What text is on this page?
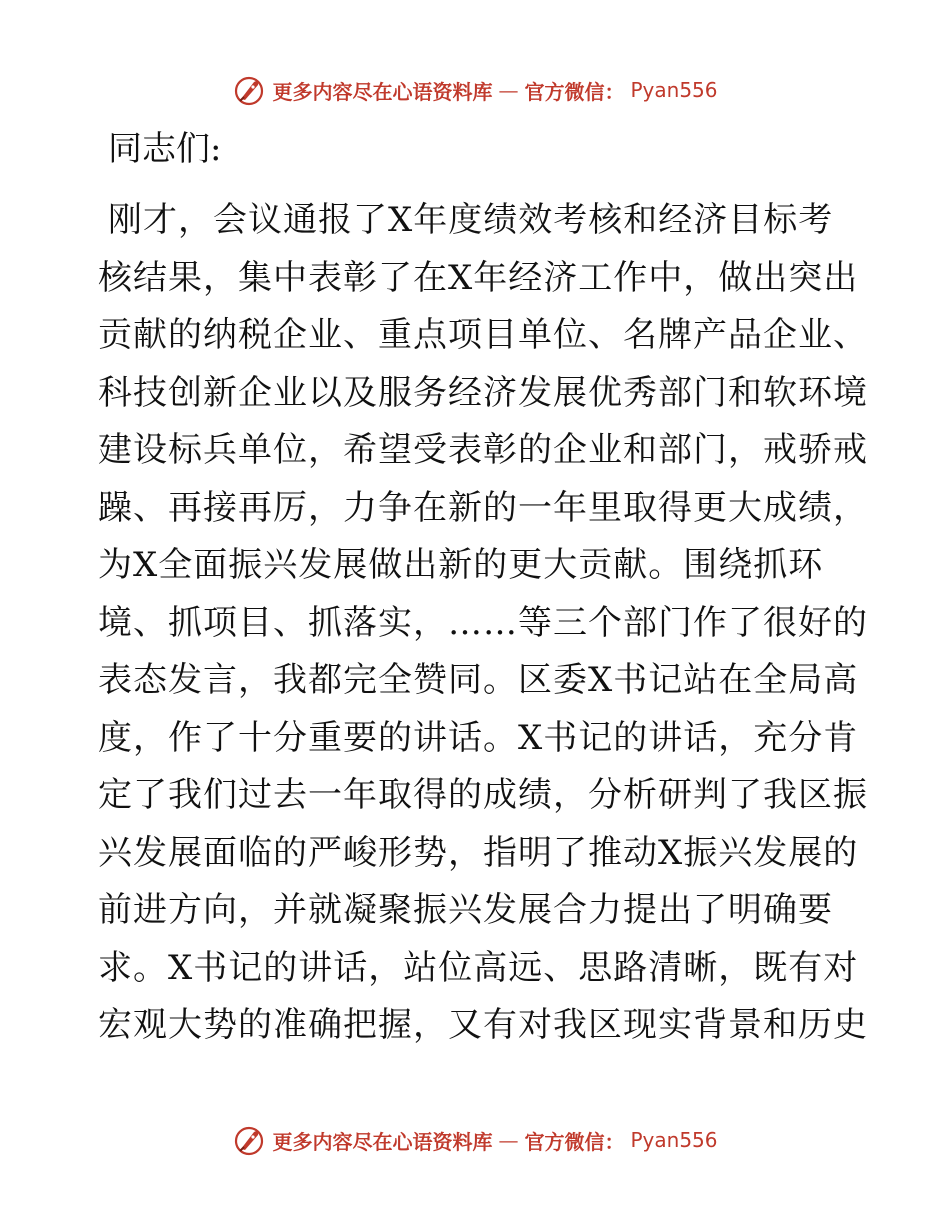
更多内容尽在心语资料库 — 官方微信： Pyan556
同志们:
刚才，会议通报了X年度绩效考核和经济目标考
核结果，集中表彰了在X年经济工作中，做出突出
贡献的纳税企业、重点项目单位、名牌产品企业、
科技创新企业以及服务经济发展优秀部门和软环境
建设标兵单位，希望受表彰的企业和部门，戒骄戒
躁、再接再厉，力争在新的一年里取得更大成绩，
为X全面振兴发展做出新的更大贡献。围绕抓环
境、抓项目、抓落实，……等三个部门作了很好的
表态发言，我都完全赞同。区委X书记站在全局高
度，作了十分重要的讲话。X书记的讲话，充分肯
定了我们过去一年取得的成绩，分析研判了我区振
兴发展面临的严峻形势，指明了推动X振兴发展的
前进方向，并就凝聚振兴发展合力提出了明确要
求。X书记的讲话，站位高远、思路清晰，既有对
宏观大势的准确把握，又有对我区现实背景和历史
更多内容尽在心语资料库 — 官方微信： Pyan556
